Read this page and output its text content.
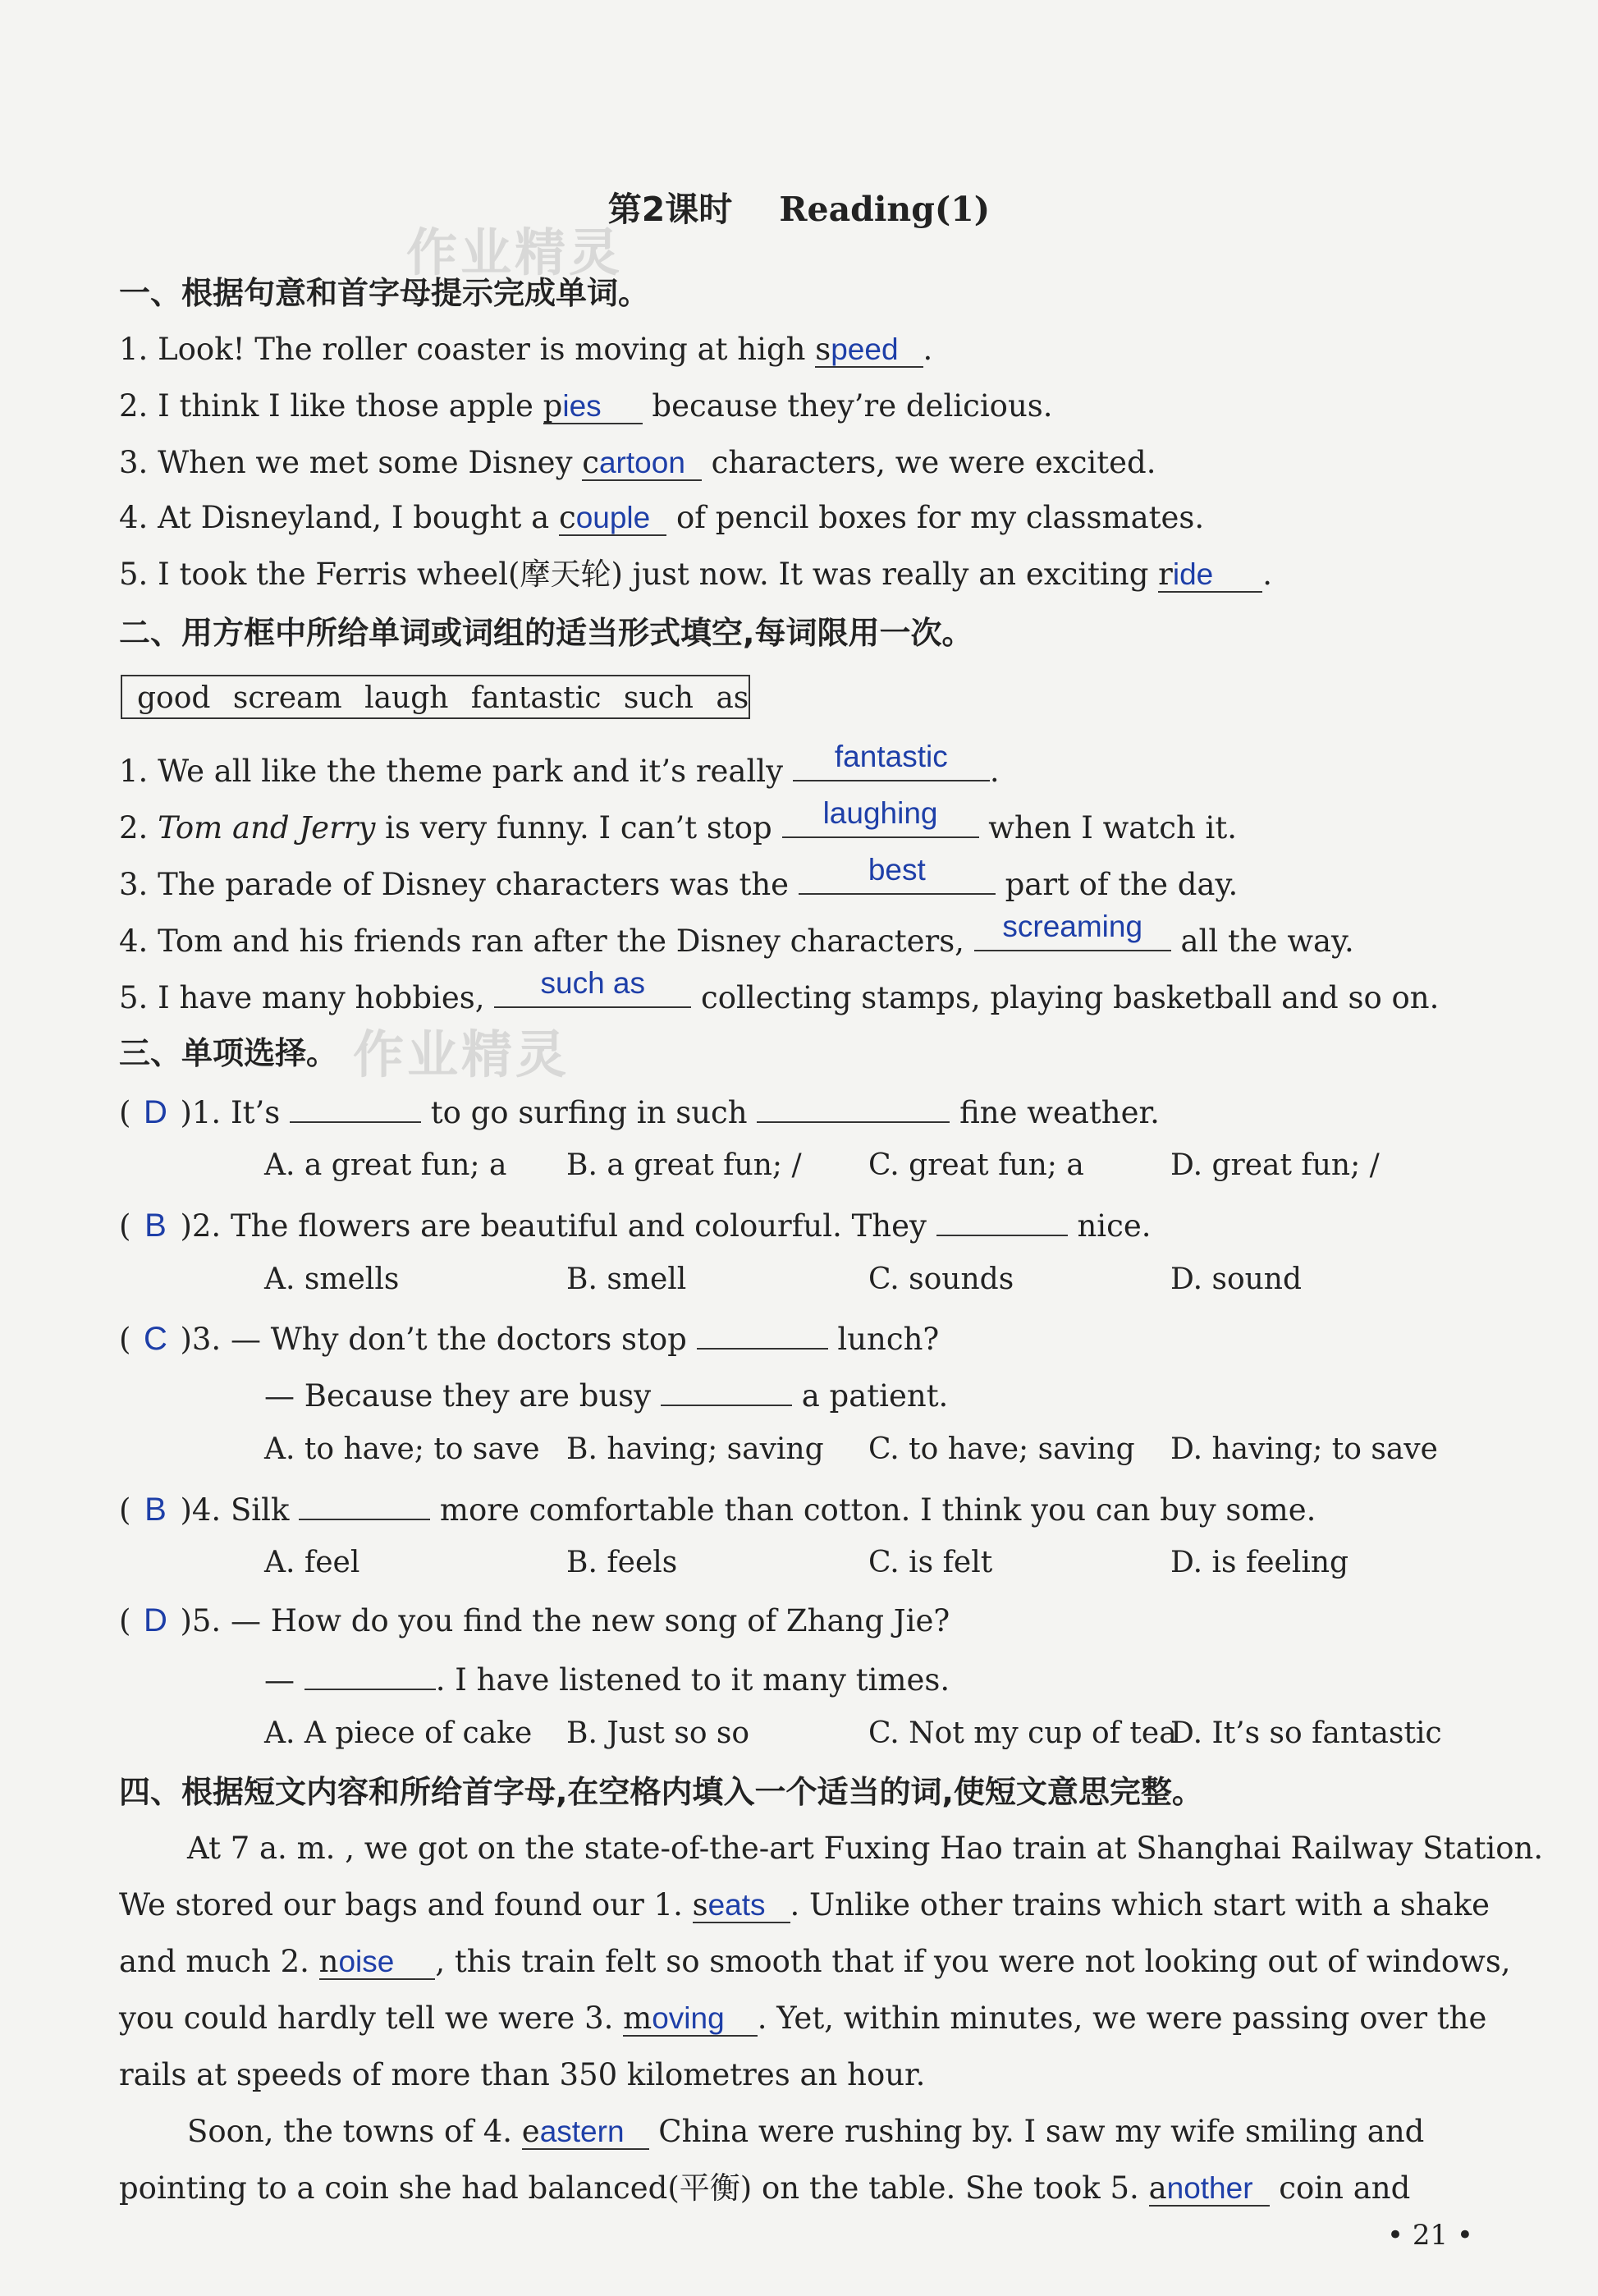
作业精灵
作业精灵
第2课时 Reading(1)
一、根据句意和首字母提示完成单词。
1. Look! The roller coaster is moving at high speed .
2. I think I like those apple pies because they’re delicious.
3. When we met some Disney cartoon characters, we were excited.
4. At Disneyland, I bought a couple of pencil boxes for my classmates.
5. I took the Ferris wheel(摩天轮) just now. It was really an exciting ride .
二、用方框中所给单词或词组的适当形式填空,每词限用一次。
good scream laugh fantastic such as
1. We all like the theme park and it’s really	fantastic	.
2. Tom and Jerry is very funny. I can’t stop	laughing	when I watch it.
3. The parade of Disney characters was the	best	part of the day.
4. Tom and his friends ran after the Disney characters, screaming all the way.
5. I have many hobbies,	such as	collecting stamps, playing basketball and so on.
三、单项选择。
( D )1. It’s	to go surfing in such	fine weather.
A. a great fun; a B. a great fun; / C. great fun; a	D. great fun; /
( B )2. The flowers are beautiful and colourful. They	nice.
A. smells	B. smell	C. sounds	D. sound
( C )3. — Why don’t the doctors stop	lunch?
— Because they are busy	a patient.
A. to have; to save B. having; saving C. to have; saving D. having; to save
( B )4. Silk	more comfortable than cotton. I think you can buy some.
A. feel	B. feels	C. is felt	D. is feeling
( D )5. — How do you find the new song of Zhang Jie?
—	. I have listened to it many times.
A. A piece of cake B. Just so so	C. Not my cup of tea
D. It’s so fantastic
四、根据短文内容和所给首字母,在空格内填入一个适当的词,使短文意思完整。
At 7 a. m. , we got on the state-of-the-art Fuxing Hao train at Shanghai Railway Station.
We stored our bags and found our 1. seats . Unlike other trains which start with a shake
and much 2. noise , this train felt so smooth that if you were not looking out of windows,
you could hardly tell we were 3. moving . Yet, within minutes, we were passing over the
rails at speeds of more than 350 kilometres an hour.
Soon, the towns of 4. eastern China were rushing by. I saw my wife smiling and
pointing to a coin she had balanced(平衡) on the table. She took 5. another coin and
• 21 •
